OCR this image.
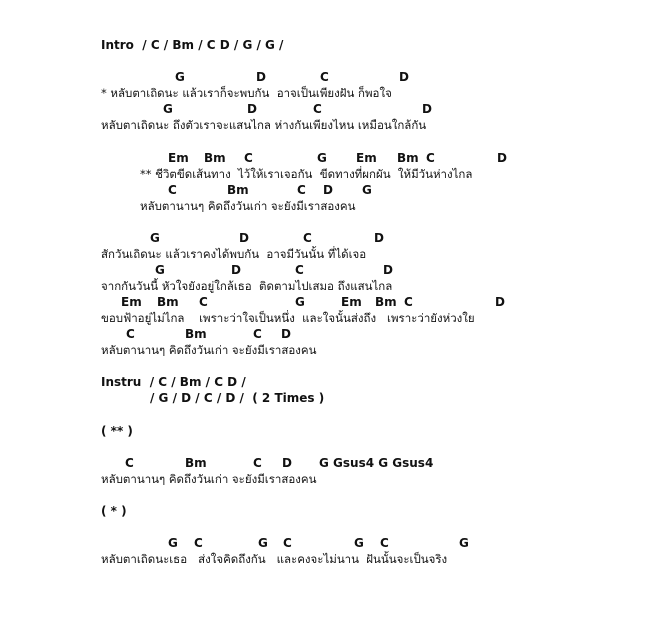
Intro  / C / Bm / C D / G / G /
G	D	C	D
* หลับตาเถิดนะ แล้วเราก็จะพบกัน  อาจเป็นเพียงฝัน ก็พอใจ
G	D	C	D
หลับตาเถิดนะ ถึงตัวเราจะแสนไกล ห่างกันเพียงไหน เหมือนใกล้กัน
Em Bm C	G Em Bm C	D
** ชีวิตขีดเส้นทาง  ไว้ให้เราเจอกัน  ขีดทางที่ผกผัน  ให้มีวันห่างไกล
C	Bm	C D G
หลับตานานๆ คิดถึงวันเก่า จะยังมีเราสองคน
G	D	C	D
สักวันเถิดนะ แล้วเราคงได้พบกัน  อาจมีวันนั้น ที่ได้เจอ
G	D	C	D
จากกันวันนี้ หัวใจยังอยู่ใกล้เธอ  ติดตามไปเสมอ ถึงแสนไกล
Em Bm C	G	Em Bm C	D
ขอบฟ้าอยู่ไม่ไกล    เพราะว่าใจเป็นหนึ่ง  และใจนั้นส่งถึง   เพราะว่ายังห่วงใย
C	Bm	C D
หลับตานานๆ คิดถึงวันเก่า จะยังมีเราสองคน
Instru  / C / Bm / C D /
/ G / D / C / D /  ( 2 Times )
( ** )
C	Bm	C D G Gsus4 G Gsus4
หลับตานานๆ คิดถึงวันเก่า จะยังมีเราสองคน
( * )
G C	G C	G C	G
หลับตาเถิดนะเธอ   ส่งใจคิดถึงกัน   และคงจะไม่นาน  ฝันนั้นจะเป็นจริง
